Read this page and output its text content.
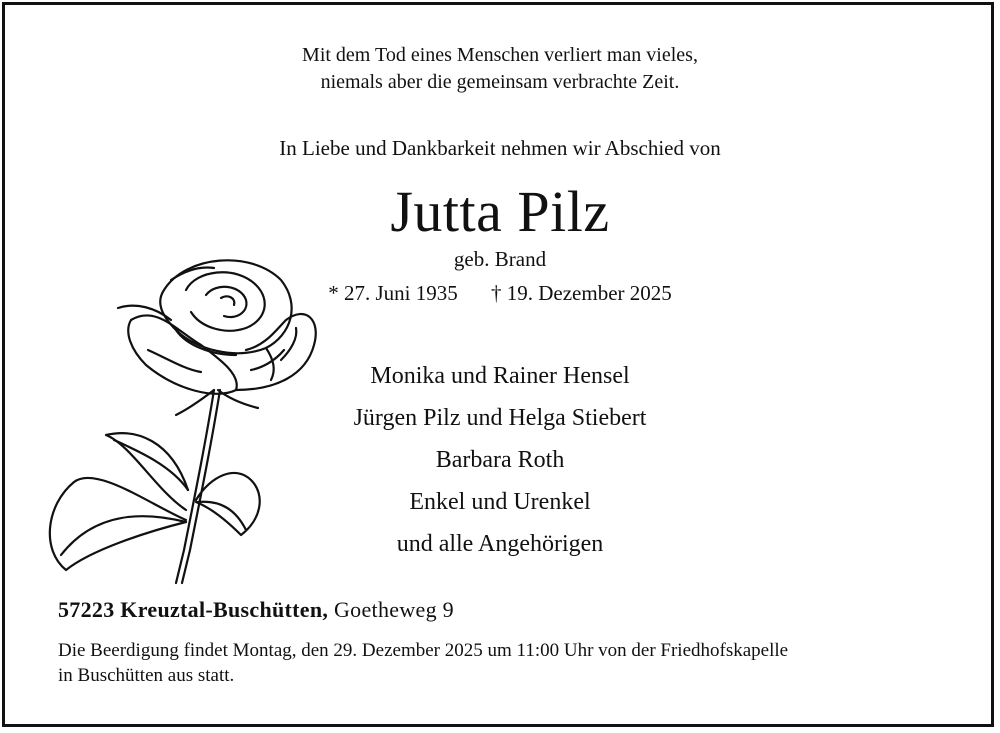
Mit dem Tod eines Menschen verliert man vieles,
niemals aber die gemeinsam verbrachte Zeit.
In Liebe und Dankbarkeit nehmen wir Abschied von
Jutta Pilz
geb. Brand
* 27. Juni 1935 † 19. Dezember 2025
Monika und Rainer Hensel
Jürgen Pilz und Helga Stiebert
Barbara Roth
Enkel und Urenkel
und alle Angehörigen
57223 Kreuztal-Buschütten, Goetheweg 9
Die Beerdigung findet Montag, den 29. Dezember 2025 um 11:00 Uhr von der Friedhofskapelle
in Buschütten aus statt.
